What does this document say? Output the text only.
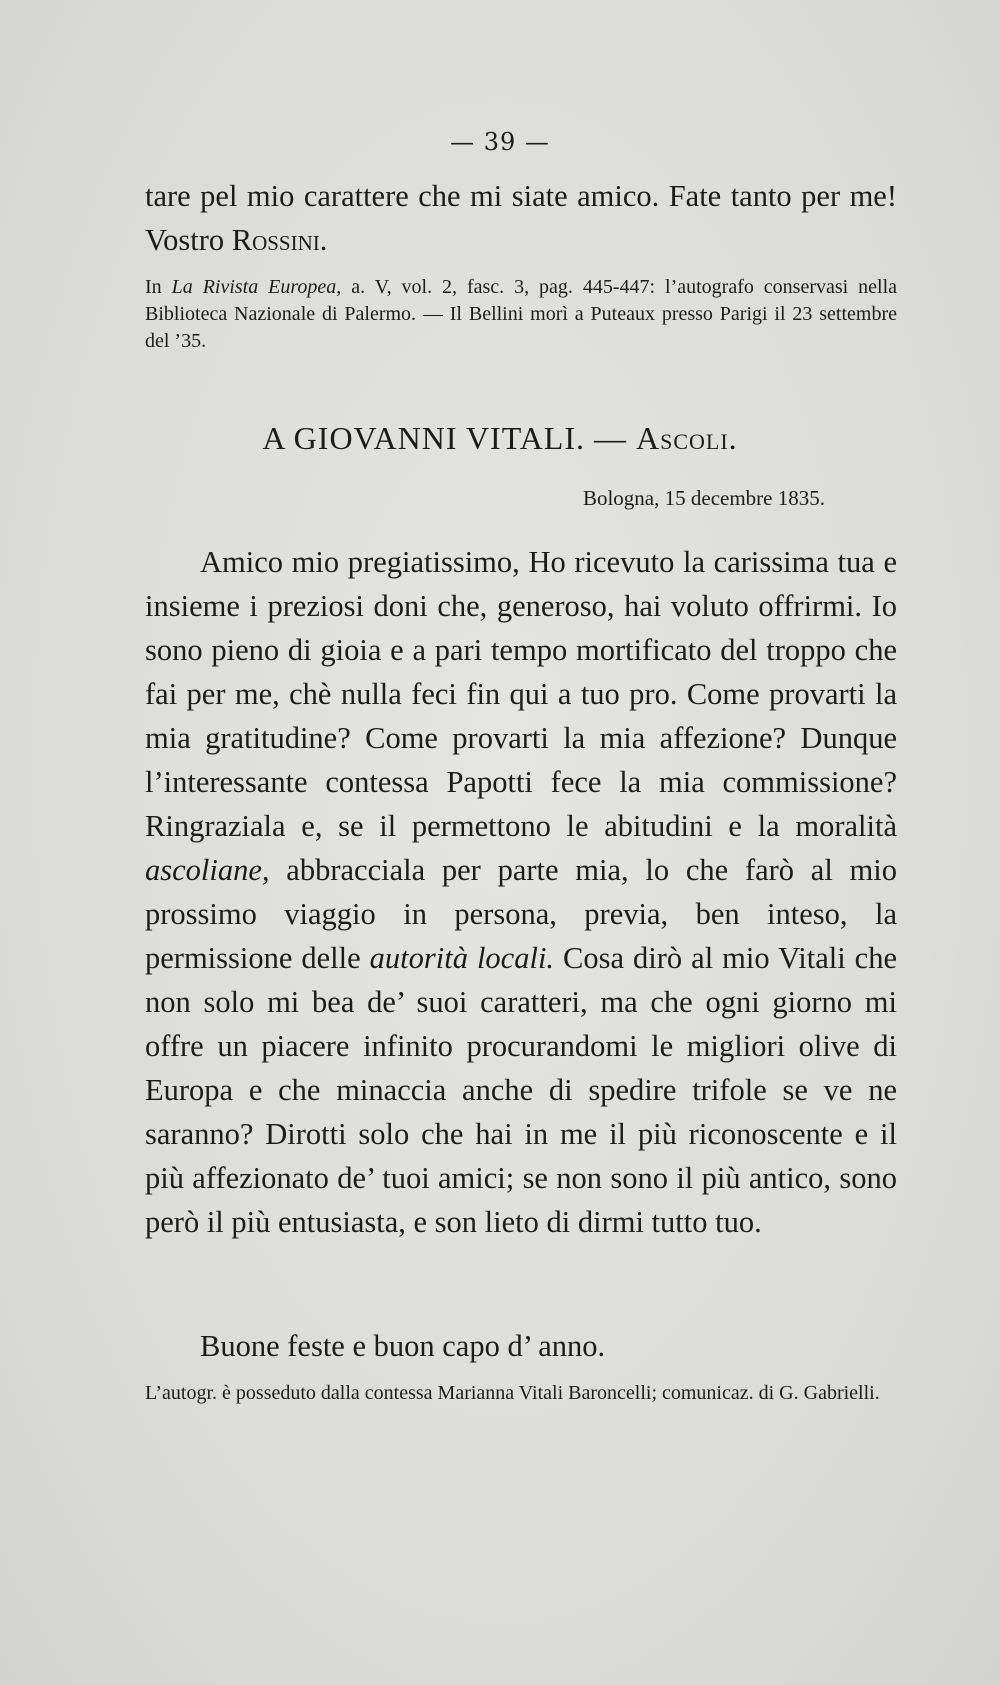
— 39 —

tare pel mio carattere che mi siate amico. Fate tanto per me! Vostro Rossini.

In La Rivista Europea, a. V, vol. 2, fasc. 3, pag. 445-447: l’autografo conservasi nella Biblioteca Nazionale di Palermo. — Il Bellini morì a Puteaux presso Parigi il 23 settembre del ’35.

A GIOVANNI VITALI. — Ascoli.

Bologna, 15 decembre 1835.

Amico mio pregiatissimo, Ho ricevuto la carissima tua e insieme i preziosi doni che, generoso, hai voluto offrirmi. Io sono pieno di gioia e a pari tempo mortificato del troppo che fai per me, chè nulla feci fin qui a tuo pro. Come provarti la mia gratitudine? Come provarti la mia affezione? Dunque l’interessante contessa Papotti fece la mia commissione? Ringraziala e, se il permettono le abitudini e la moralità ascoliane, abbracciala per parte mia, lo che farò al mio prossimo viaggio in persona, previa, ben inteso, la permissione delle autorità locali. Cosa dirò al mio Vitali che non solo mi bea de’ suoi caratteri, ma che ogni giorno mi offre un piacere infinito procurandomi le migliori olive di Europa e che minaccia anche di spedire trifole se ve ne saranno? Dirotti solo che hai in me il più riconoscente e il più affezionato de’ tuoi amici; se non sono il più antico, sono però il più entusiasta, e son lieto di dirmi tutto tuo.

Buone feste e buon capo d’ anno.

L’autogr. è posseduto dalla contessa Marianna Vitali Baroncelli; comunicaz. di G. Gabrielli.
